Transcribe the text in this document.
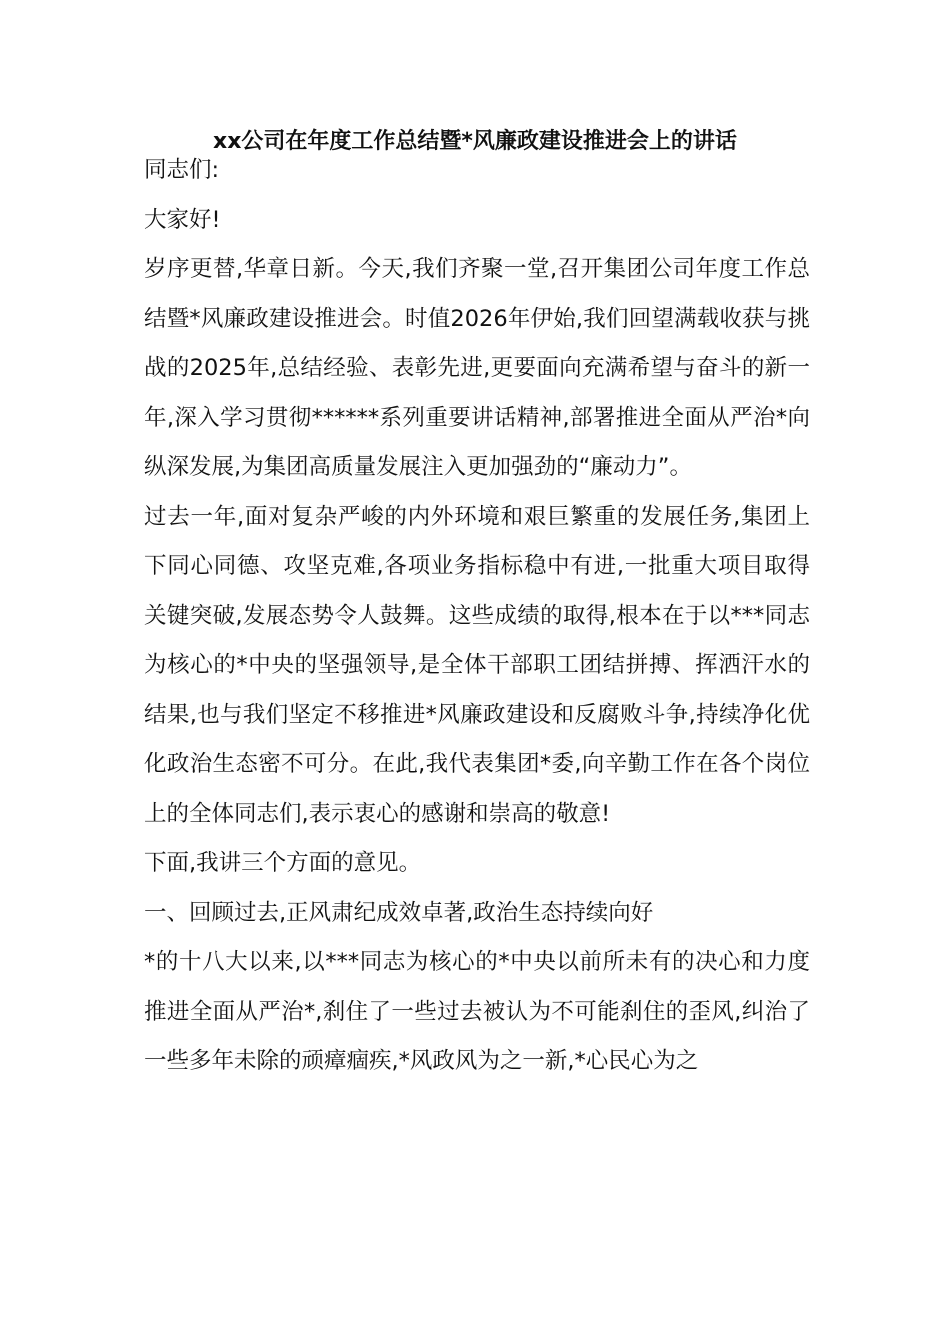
xx公司在年度工作总结暨*风廉政建设推进会上的讲话

同志们:

大家好!

岁序更替,华章日新。今天,我们齐聚一堂,召开集团公司年度工作总结暨*风廉政建设推进会。时值2026年伊始,我们回望满载收获与挑战的2025年,总结经验、表彰先进,更要面向充满希望与奋斗的新一年,深入学习贯彻******系列重要讲话精神,部署推进全面从严治*向纵深发展,为集团高质量发展注入更加强劲的“廉动力”。

过去一年,面对复杂严峻的内外环境和艰巨繁重的发展任务,集团上下同心同德、攻坚克难,各项业务指标稳中有进,一批重大项目取得关键突破,发展态势令人鼓舞。这些成绩的取得,根本在于以***同志为核心的*中央的坚强领导,是全体干部职工团结拼搏、挥洒汗水的结果,也与我们坚定不移推进*风廉政建设和反腐败斗争,持续净化优化政治生态密不可分。在此,我代表集团*委,向辛勤工作在各个岗位上的全体同志们,表示衷心的感谢和崇高的敬意!

下面,我讲三个方面的意见。

一、回顾过去,正风肃纪成效卓著,政治生态持续向好

*的十八大以来,以***同志为核心的*中央以前所未有的决心和力度推进全面从严治*,刹住了一些过去被认为不可能刹住的歪风,纠治了一些多年未除的顽瘴痼疾,*风政风为之一新,*心民心为之
